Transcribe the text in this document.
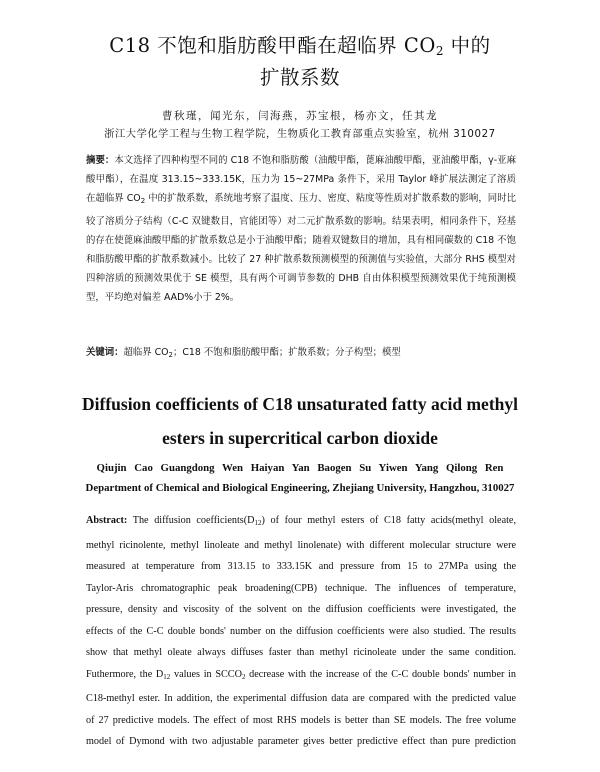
C18 不饱和脂肪酸甲酯在超临界 $CO_2$ 中的
扩散系数
曹秋瑾，闻光东，闫海燕，苏宝根，杨亦文，任其龙
浙江大学化学工程与生物工程学院，生物质化工教育部重点实验室，杭州 310027
摘要：本文选择了四种构型不同的 C18 不饱和脂肪酸（油酸甲酯，蓖麻油酸甲酯，亚油酸甲酯，γ-亚麻酸甲酯），在温度 313.15~333.15K，压力为 15~27MPa 条件下，采用 Taylor 峰扩展法测定了溶质在超临界 $CO_2$ 中的扩散系数，系统地考察了温度、压力、密度、粘度等性质对扩散系数的影响，同时比较了溶质分子结构（C-C 双键数目，官能团等）对二元扩散系数的影响。结果表明，相同条件下，羟基的存在使蓖麻油酸甲酯的扩散系数总是小于油酸甲酯；随着双键数目的增加，具有相同碳数的 C18 不饱和脂肪酸甲酯的扩散系数减小。比较了 27 种扩散系数预测模型的预测值与实验值，大部分 RHS 模型对四种溶质的预测效果优于 SE 模型，具有两个可调节参数的 DHB 自由体积模型预测效果优于纯预测模型，平均绝对偏差 AAD%小于 2%。
关键词：超临界 $CO_2$；C18 不饱和脂肪酸甲酯；扩散系数；分子构型；模型
Diffusion coefficients of C18 unsaturated fatty acid methyl
esters in supercritical carbon dioxide
Qiujin Cao Guangdong Wen Haiyan Yan Baogen Su Yiwen Yang Qilong Ren
Department of Chemical and Biological Engineering, Zhejiang University, Hangzhou, 310027
Abstract: The diffusion $coefficients(D_{12})$ of four methyl esters of C18 fatty acids(methyl oleate,
methyl ricinolente, methyl linoleate and methyl linolenate) with different molecular structure were
measured at temperature from 313.15 to 333.15K and pressure from 15 to 27MPa using the
Taylor-Aris chromatographic peak broadening(CPB) technique. The influences of temperature,
pressure, density and viscosity of the solvent on the diffusion coefficients were investigated, the
effects of the C-C double bonds' number on the diffusion coefficients were also studied. The results
show that methyl oleate always diffuses faster than methyl ricinoleate under the same condition.
Futhermore, the $D_{12}$ values in $SCCO_2$ decrease with the increase of the C-C double bonds' number in
C18-methyl ester. In addition, the experimental diffusion data are compared with the predicted value
of 27 predictive models. The effect of most RHS models is better than SE models. The free volume
model of Dymond with two adjustable parameter gives better predictive effect than pure prediction
